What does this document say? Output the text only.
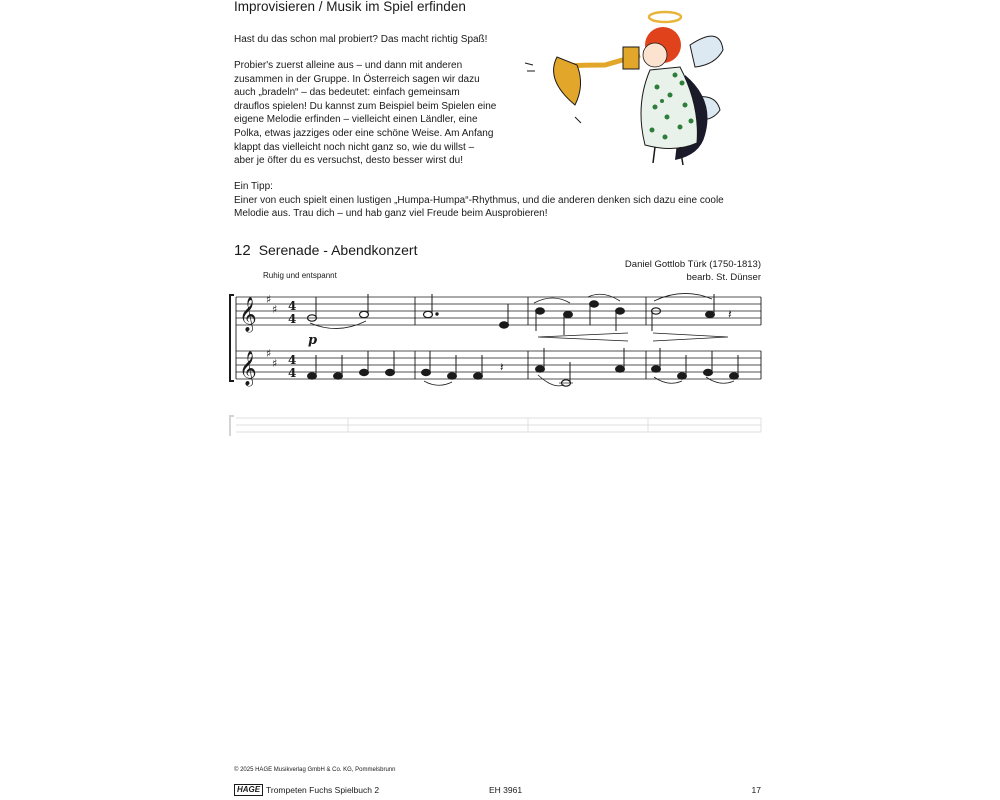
Improvisieren / Musik im Spiel erfinden
Hast du das schon mal probiert? Das macht richtig Spaß!
Probier's zuerst alleine aus – und dann mit anderen
zusammen in der Gruppe. In Österreich sagen wir dazu
auch „bradeln“ – das bedeutet: einfach gemeinsam
drauflos spielen! Du kannst zum Beispiel beim Spielen eine
eigene Melodie erfinden – vielleicht einen Ländler, eine
Polka, etwas jazziges oder eine schöne Weise. Am Anfang
klappt das vielleicht noch nicht ganz so, wie du willst –
aber je öfter du es versuchst, desto besser wirst du!
Ein Tipp:
Einer von euch spielt einen lustigen „Humpa-Humpa“-Rhythmus, und die anderen denken sich dazu eine coole
Melodie aus. Trau dich – und hab ganz viel Freude beim Ausprobieren!
12 Serenade - Abendkonzert
Daniel Gottlob Türk (1750-1813)
bearb. St. Dünser
Ruhig und entspannt
𝄞
𝄞
♯
♯
♯
♯
4
4
4
4
p
𝄽
𝄽
© 2025 HAGE Musikverlag GmbH & Co. KG, Pommelsbrunn
HAGE Trompeten Fuchs Spielbuch 2	EH 3961	17
